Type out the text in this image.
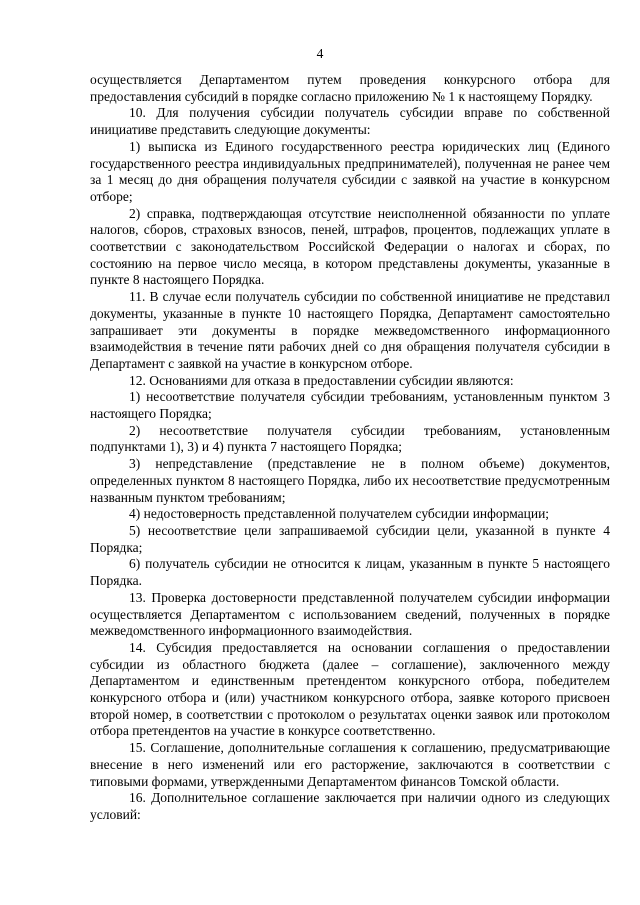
4

осуществляется Департаментом путем проведения конкурсного отбора для предоставления субсидий в порядке согласно приложению № 1 к настоящему Порядку.

10. Для получения субсидии получатель субсидии вправе по собственной инициативе представить следующие документы:

1) выписка из Единого государственного реестра юридических лиц (Единого государственного реестра индивидуальных предпринимателей), полученная не ранее чем за 1 месяц до дня обращения получателя субсидии с заявкой на участие в конкурсном отборе;

2) справка, подтверждающая отсутствие неисполненной обязанности по уплате налогов, сборов, страховых взносов, пеней, штрафов, процентов, подлежащих уплате в соответствии с законодательством Российской Федерации о налогах и сборах, по состоянию на первое число месяца, в котором представлены документы, указанные в пункте 8 настоящего Порядка.

11. В случае если получатель субсидии по собственной инициативе не представил документы, указанные в пункте 10 настоящего Порядка, Департамент самостоятельно запрашивает эти документы в порядке межведомственного информационного взаимодействия в течение пяти рабочих дней со дня обращения получателя субсидии в Департамент с заявкой на участие в конкурсном отборе.

12. Основаниями для отказа в предоставлении субсидии являются:

1) несоответствие получателя субсидии требованиям, установленным пунктом 3 настоящего Порядка;

2) несоответствие получателя субсидии требованиям, установленным подпунктами 1), 3) и 4) пункта 7 настоящего Порядка;

3) непредставление (представление не в полном объеме) документов, определенных пунктом 8 настоящего Порядка, либо их несоответствие предусмотренным названным пунктом требованиям;

4) недостоверность представленной получателем субсидии информации;

5) несоответствие цели запрашиваемой субсидии цели, указанной в пункте 4 Порядка;

6) получатель субсидии не относится к лицам, указанным в пункте 5 настоящего Порядка.

13. Проверка достоверности представленной получателем субсидии информации осуществляется Департаментом с использованием сведений, полученных в порядке межведомственного информационного взаимодействия.

14. Субсидия предоставляется на основании соглашения о предоставлении субсидии из областного бюджета (далее – соглашение), заключенного между Департаментом и единственным претендентом конкурсного отбора, победителем конкурсного отбора и (или) участником конкурсного отбора, заявке которого присвоен второй номер, в соответствии с протоколом о результатах оценки заявок или протоколом отбора претендентов на участие в конкурсе соответственно.

15. Соглашение, дополнительные соглашения к соглашению, предусматривающие внесение в него изменений или его расторжение, заключаются в соответствии с типовыми формами, утвержденными Департаментом финансов Томской области.

16. Дополнительное соглашение заключается при наличии одного из следующих условий:
